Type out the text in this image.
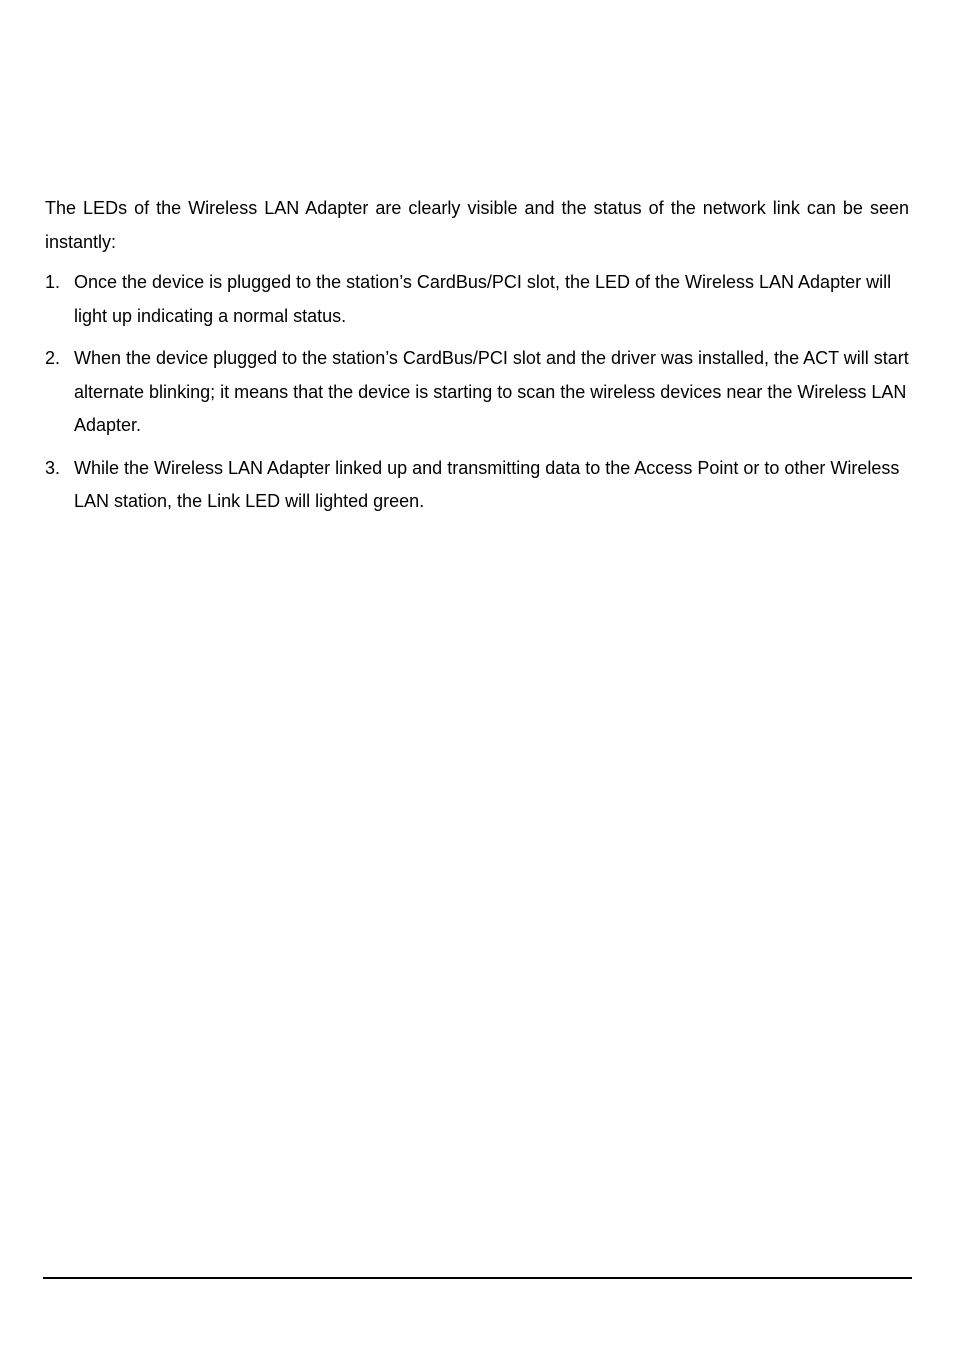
The LEDs of the Wireless LAN Adapter are clearly visible and the status of the network link can be seen instantly:

1. Once the device is plugged to the station’s CardBus/PCI slot, the LED of the Wireless LAN Adapter will light up indicating a normal status.
2. When the device plugged to the station’s CardBus/PCI slot and the driver was installed, the ACT will start alternate blinking; it means that the device is starting to scan the wireless devices near the Wireless LAN Adapter.
3. While the Wireless LAN Adapter linked up and transmitting data to the Access Point or to other Wireless LAN station, the Link LED will lighted green.
